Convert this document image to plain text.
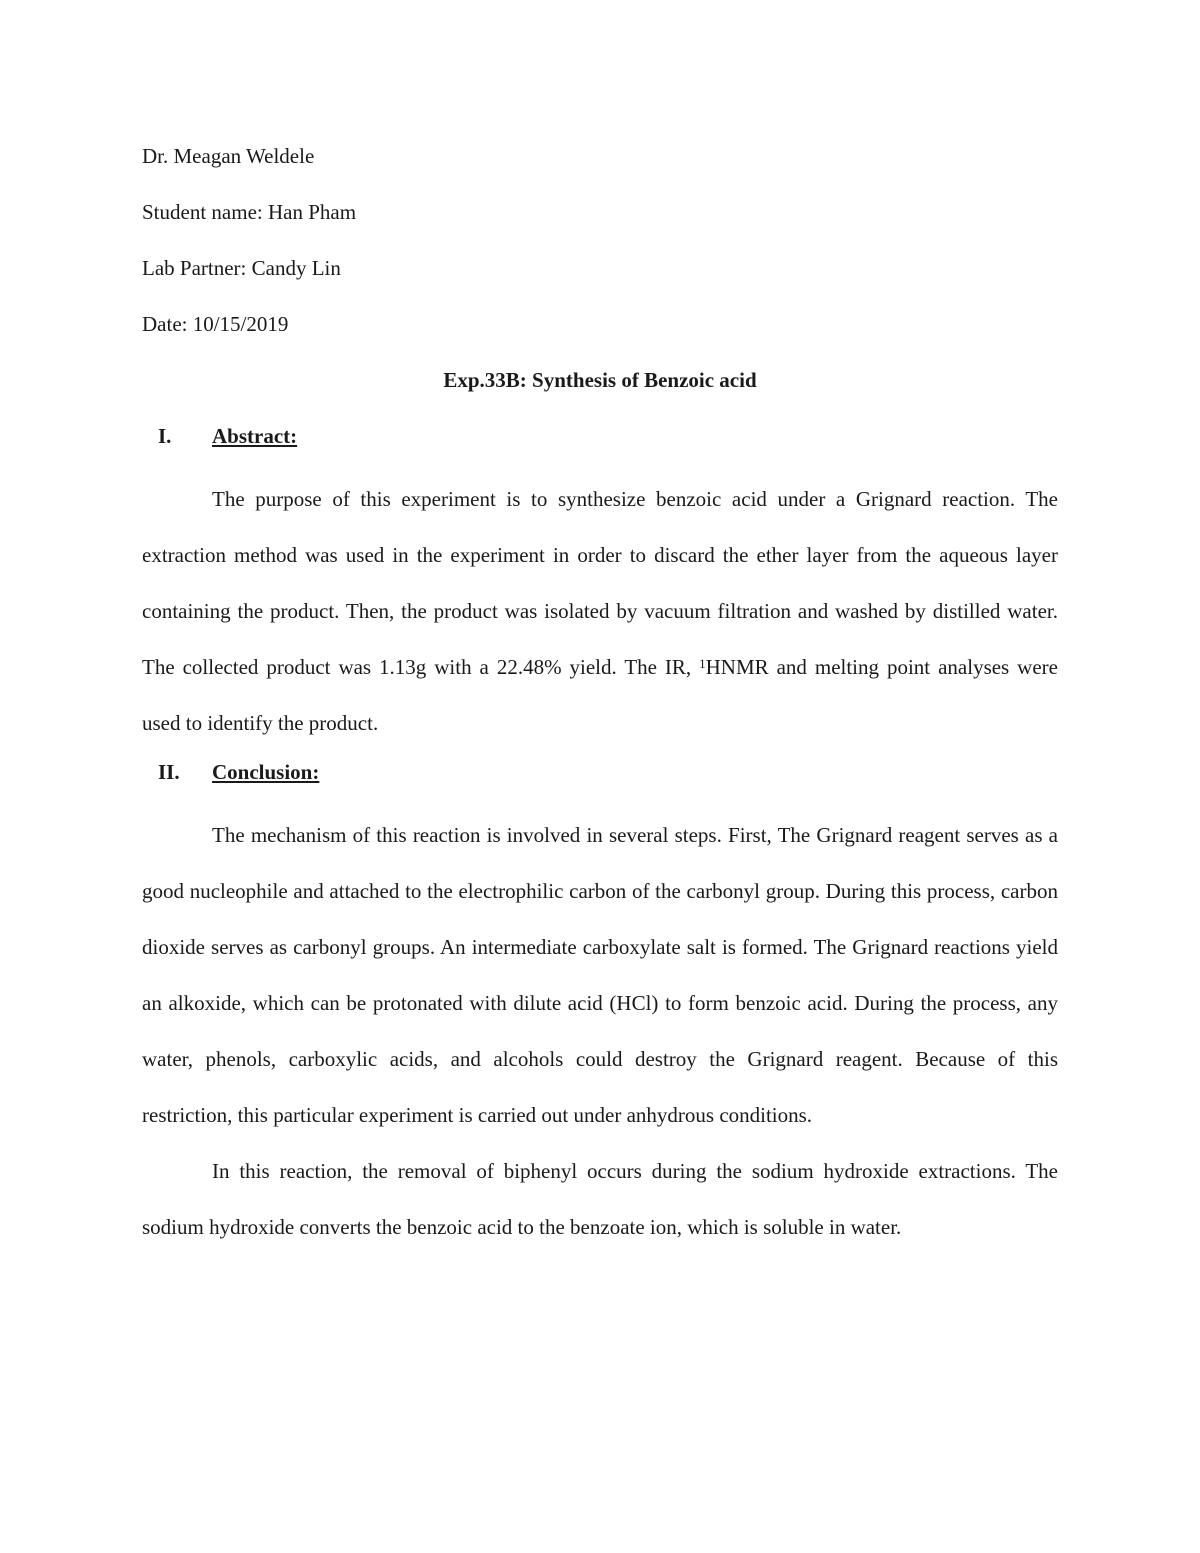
Dr. Meagan Weldele
Student name: Han Pham
Lab Partner: Candy Lin
Date: 10/15/2019
Exp.33B: Synthesis of Benzoic acid
I. Abstract:

The purpose of this experiment is to synthesize benzoic acid under a Grignard reaction. The extraction method was used in the experiment in order to discard the ether layer from the aqueous layer containing the product. Then, the product was isolated by vacuum filtration and washed by distilled water. The collected product was 1.13g with a 22.48% yield. The IR, $^1$HNMR and melting point analyses were used to identify the product.

II. Conclusion:

The mechanism of this reaction is involved in several steps. First, The Grignard reagent serves as a good nucleophile and attached to the electrophilic carbon of the carbonyl group. During this process, carbon dioxide serves as carbonyl groups. An intermediate carboxylate salt is formed. The Grignard reactions yield an alkoxide, which can be protonated with dilute acid (HCl) to form benzoic acid. During the process, any water, phenols, carboxylic acids, and alcohols could destroy the Grignard reagent. Because of this restriction, this particular experiment is carried out under anhydrous conditions.

In this reaction, the removal of biphenyl occurs during the sodium hydroxide extractions. The sodium hydroxide converts the benzoic acid to the benzoate ion, which is soluble in water.
